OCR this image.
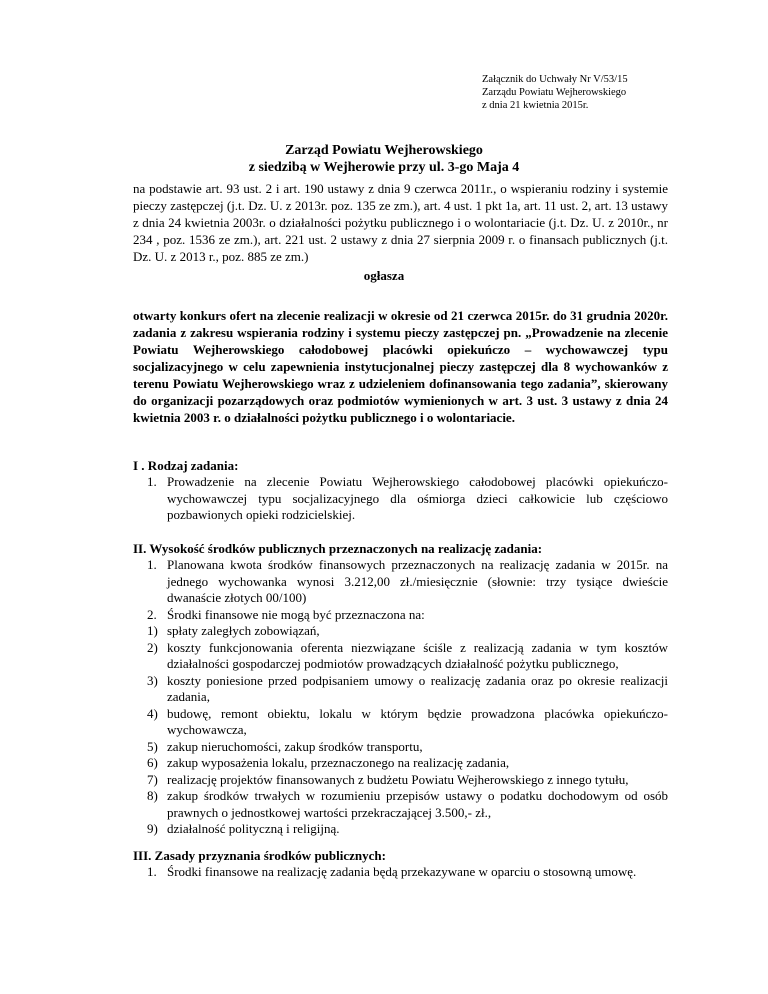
Załącznik do Uchwały Nr V/53/15
Zarządu Powiatu Wejherowskiego
z dnia 21 kwietnia 2015r.
Zarząd Powiatu Wejherowskiego
z siedzibą w Wejherowie przy ul. 3-go Maja 4

na podstawie art. 93 ust. 2 i art. 190 ustawy z dnia 9 czerwca 2011r., o wspieraniu rodziny i systemie pieczy zastępczej (j.t. Dz. U. z 2013r. poz. 135 ze zm.), art. 4 ust. 1 pkt 1a, art. 11 ust. 2, art. 13 ustawy z dnia 24 kwietnia 2003r. o działalności pożytku publicznego i o wolontariacie (j.t. Dz. U. z 2010r., nr 234 , poz. 1536 ze zm.), art. 221 ust. 2 ustawy z dnia 27 sierpnia 2009 r. o finansach publicznych (j.t. Dz. U. z 2013 r., poz. 885 ze zm.)

ogłasza

otwarty konkurs ofert na zlecenie realizacji w okresie od 21 czerwca 2015r. do 31 grudnia 2020r. zadania z zakresu wspierania rodziny i systemu pieczy zastępczej pn. „Prowadzenie na zlecenie Powiatu Wejherowskiego całodobowej placówki opiekuńczo – wychowawczej typu socjalizacyjnego w celu zapewnienia instytucjonalnej pieczy zastępczej dla 8 wychowanków z terenu Powiatu Wejherowskiego wraz z udzieleniem dofinansowania tego zadania”, skierowany do organizacji pozarządowych oraz podmiotów wymienionych w art. 3 ust. 3 ustawy z dnia 24 kwietnia 2003 r. o działalności pożytku publicznego i o wolontariacie.

I . Rodzaj zadania:

1. Prowadzenie na zlecenie Powiatu Wejherowskiego całodobowej placówki opiekuńczo-wychowawczej typu socjalizacyjnego dla ośmiorga dzieci całkowicie lub częściowo pozbawionych opieki rodzicielskiej.

II. Wysokość środków publicznych przeznaczonych na realizację zadania:

1. Planowana kwota środków finansowych przeznaczonych na realizację zadania w 2015r. na jednego wychowanka wynosi 3.212,00 zł./miesięcznie (słownie: trzy tysiące dwieście dwanaście złotych 00/100)
2. Środki finansowe nie mogą być przeznaczona na:
1) spłaty zaległych zobowiązań,
2) koszty funkcjonowania oferenta niezwiązane ściśle z realizacją zadania w tym kosztów działalności gospodarczej podmiotów prowadzących działalność pożytku publicznego,
3) koszty poniesione przed podpisaniem umowy o realizację zadania oraz po okresie realizacji zadania,
4) budowę, remont obiektu, lokalu w którym będzie prowadzona placówka opiekuńczo-wychowawcza,
5) zakup nieruchomości, zakup środków transportu,
6) zakup wyposażenia lokalu, przeznaczonego na realizację zadania,
7) realizację projektów finansowanych z budżetu Powiatu Wejherowskiego z innego tytułu,
8) zakup środków trwałych w rozumieniu przepisów ustawy o podatku dochodowym od osób prawnych o jednostkowej wartości przekraczającej 3.500,- zł.,
9) działalność polityczną i religijną.

III. Zasady przyznania środków publicznych:

1. Środki finansowe na realizację zadania będą przekazywane w oparciu o stosowną umowę.
